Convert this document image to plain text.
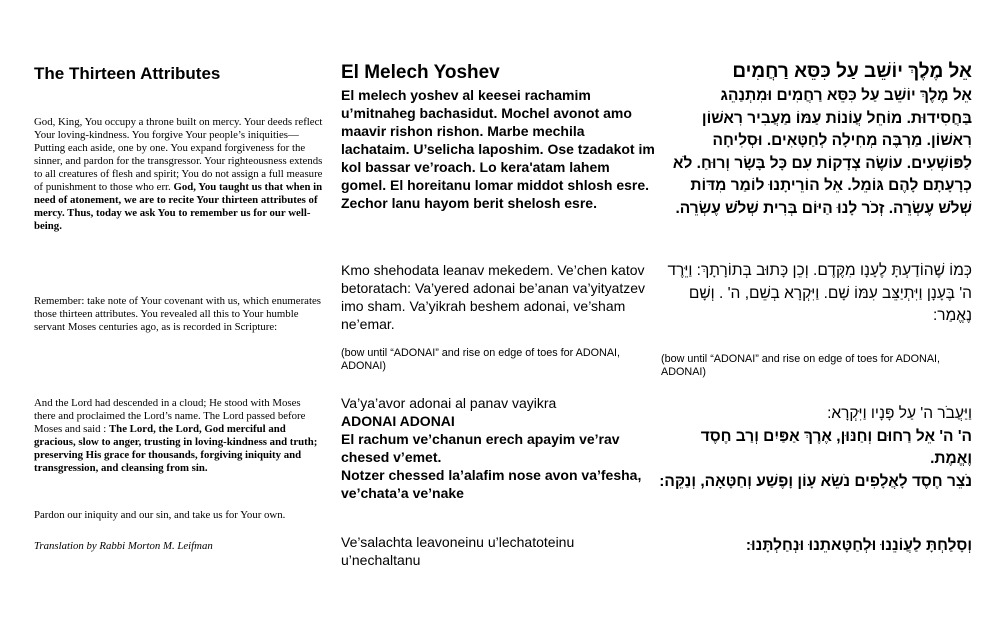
The Thirteen Attributes
God, King, You occupy a throne built on mercy. Your deeds reflect Your loving-kindness. You forgive Your people’s iniquities— Putting each aside, one by one. You expand forgiveness for the sinner, and pardon for the transgressor. Your righteousness extends to all creatures of flesh and spirit; You do not assign a full measure of punishment to those who err. God, You taught us that when in need of atonement, we are to recite Your thirteen attributes of mercy. Thus, today we ask You to remember us for our well-being.
Remember: take note of Your covenant with us, which enumerates those thirteen attributes. You revealed all this to Your humble servant Moses centuries ago, as is recorded in Scripture:
And the Lord had descended in a cloud; He stood with Moses there and proclaimed the Lord’s name. The Lord passed before Moses and said : The Lord, the Lord, God merciful and gracious, slow to anger, trusting in loving-kindness and truth; preserving His grace for thousands, forgiving iniquity and transgression, and cleansing from sin.
Pardon our iniquity and our sin, and take us for Your own.
Translation by Rabbi Morton M. Leifman
El Melech Yoshev
El melech yoshev al keesei rachamim u’mitnaheg bachasidut. Mochel avonot amo maavir rishon rishon. Marbe mechila lachataim. U’selicha laposhim. Ose tzadakot im kol bassar ve’roach. Lo kera'atam lahem gomel. El horeitanu lomar middot shlosh esre. Zechor lanu hayom berit shelosh esre.
Kmo shehodata leanav mekedem. Ve’chen katov betoratach: Va’yered adonai be’anan va’yityatzev imo sham. Va’yikrah beshem adonai, ve’sham ne’emar.
(bow until “ADONAI” and rise on edge of toes for ADONAI, ADONAI)
Va’ya’avor adonai al panav vayikra
ADONAI ADONAI
El rachum ve’chanun erech apayim ve’rav chesed v’emet.
Notzer chessed la’alafim nose avon va’fesha, ve’chata’a ve’nake
Ve’salachta leavoneinu u’lechatoteinu u’nechaltanu
אֵל מֶלֶךְ יוֹשֵׁב עַל כִּסֵּא רַחֲמִים
אֵל מֶלֶךְ יוֹשֵׁב עַל כִּסֵּא רַחֲמִים וּמִתְנַהֵג בַּחֲסִידוּת. מוֹחֵל עֲוֹנוֹת עַמּוֹ מַעֲבִיר רִאשׁוֹן רִאשׁוֹן. מַרְבֶּה מְחִילָה לְחַטָּאִים. וּסְלִיחָה לַפּוֹשְׁעִים. עוֹשֶׂה צְדָקוֹת עִם כָּל בָּשָׂר וְרוּחַ. לֹא כְרָעָתָם לָהֶם גּוֹמֵל. אֵל הוֹרֵיתָנוּ לוֹמַר מִדּוֹת שְׁלֹשׁ עֶשְׂרֵה. זְכֹר לָנוּ הַיּוֹם בְּרִית שְׁלֹשׁ עֶשְׂרֵה.
כְּמוֹ שֶׁהוֹדַעְתָּ לֶעָנָו מִקֶּדֶם. וְכֵן כָּתוּב בְּתוֹרָתָךְ: וַיֵּרֶד ה' בֶּעָנָן וַיִּתְיַצֵּב עִמּוֹ שָׁם. וַיִּקְרָא בְשֵׁם, ה' . וְשָׁם נֶאֱמַר:
(bow until “ADONAI” and rise on edge of toes for ADONAI, ADONAI)
וַיַּעֲבֹר ה' עַל פָּנָיו וַיִּקְרָא:
ה' ה' אֵל רַחוּם וְחַנּוּן, אֶרֶךְ אַפַּיִם וְרַב חֶסֶד וֶאֱמֶת.
נֹצֵר חֶסֶד לָאֲלָפִים נֹשֵׂא עָוֹן וָפֶשַׁע וְחַטָּאָה, וְנַקֵּה:
וְסָלַחְתָּ לַעֲוֹנֵנוּ וּלְחַטָּאתֵנוּ וּנְחַלְתָּנוּ:
